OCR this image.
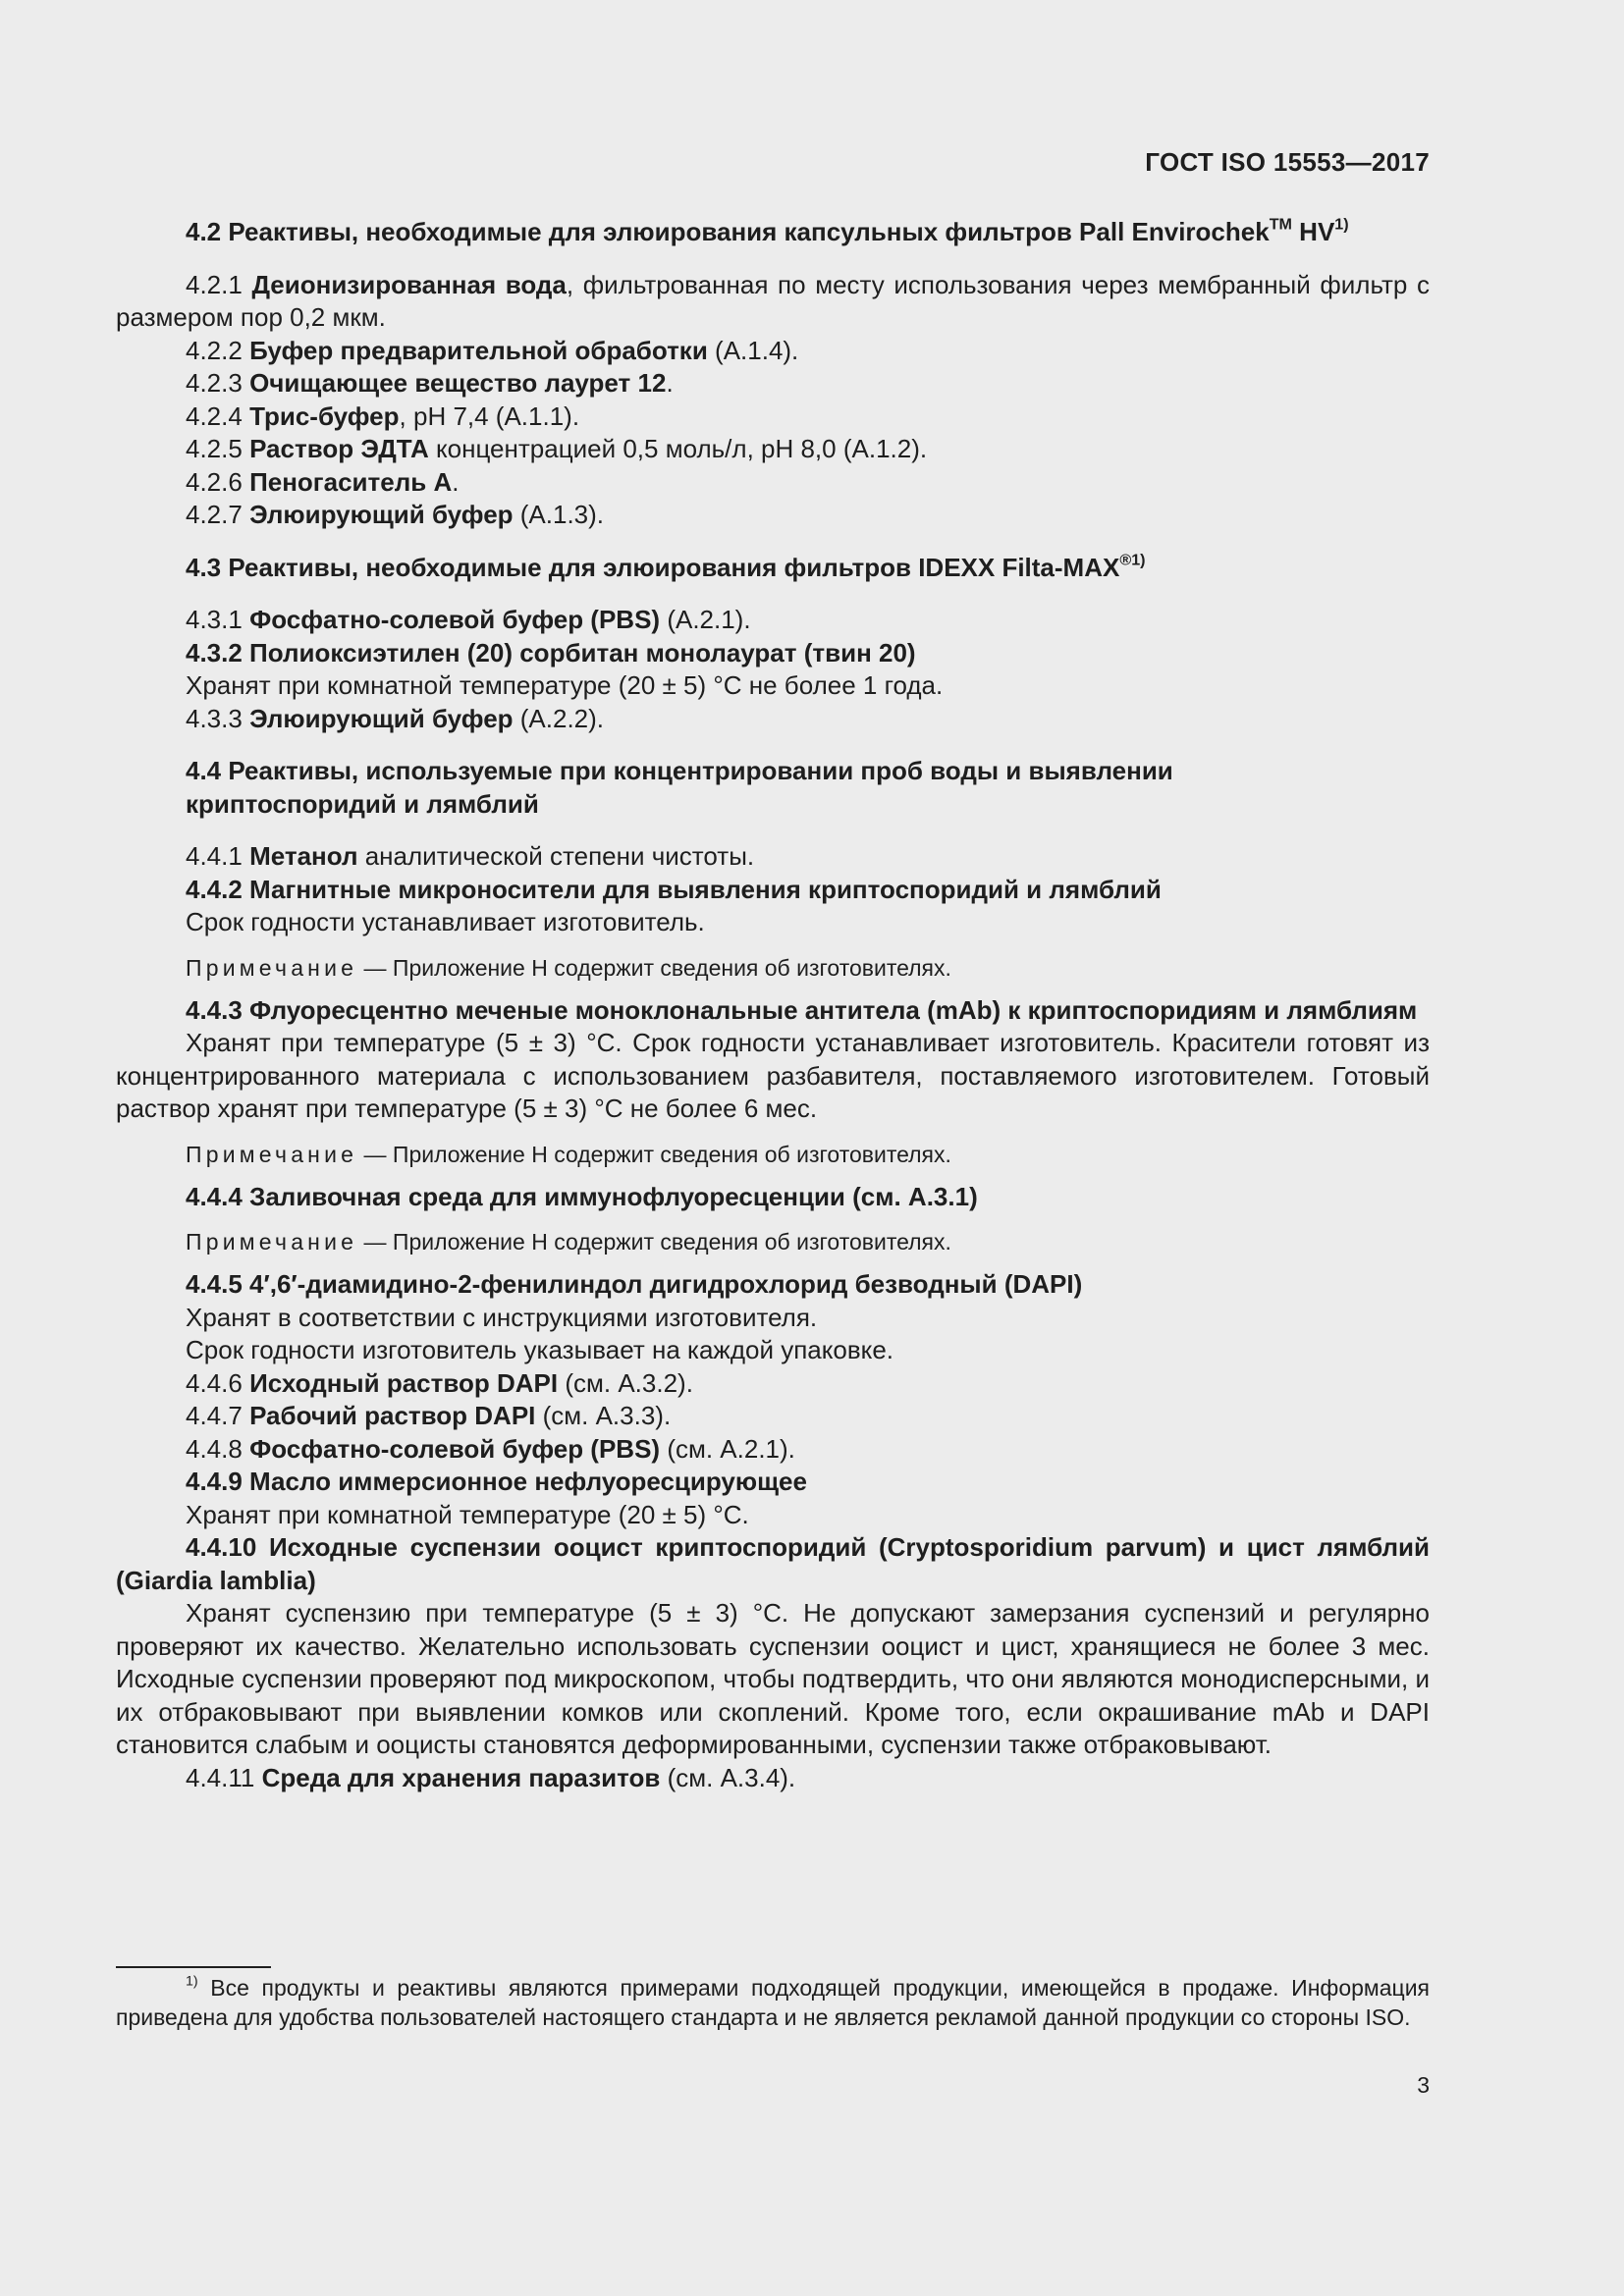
ГОСТ ISO 15553—2017

4.2 Реактивы, необходимые для элюирования капсульных фильтров Pall Envirochek™ HV$^{1)}$

4.2.1 Деионизированная вода, фильтрованная по месту использования через мембранный фильтр с размером пор 0,2 мкм.

4.2.2 Буфер предварительной обработки (А.1.4).

4.2.3 Очищающее вещество лаурет 12.

4.2.4 Трис-буфер, pH 7,4 (А.1.1).

4.2.5 Раствор ЭДТА концентрацией 0,5 моль/л, pH 8,0 (А.1.2).

4.2.6 Пеногаситель А.

4.2.7 Элюирующий буфер (А.1.3).

4.3 Реактивы, необходимые для элюирования фильтров IDEXX Filta-$MAX^{®1)}$

4.3.1 Фосфатно-солевой буфер (PBS) (А.2.1).

4.3.2 Полиоксиэтилен (20) сорбитан монолаурат (твин 20)

Хранят при комнатной температуре (20 ± 5) °С не более 1 года.

4.3.3 Элюирующий буфер (А.2.2).

4.4 Реактивы, используемые при концентрировании проб воды и выявлении

криптоспоридий и лямблий

4.4.1 Метанол аналитической степени чистоты.

4.4.2 Магнитные микроносители для выявления криптоспоридий и лямблий

Срок годности устанавливает изготовитель.

Примечание — Приложение Н содержит сведения об изготовителях.

4.4.3 Флуоресцентно меченые моноклональные антитела (mAb) к криптоспоридиям и лямблиям

Хранят при температуре (5 ± 3) °С. Срок годности устанавливает изготовитель. Красители готовят из концентрированного материала с использованием разбавителя, поставляемого изготовителем. Готовый раствор хранят при температуре (5 ± 3) °С не более 6 мес.

Примечание — Приложение Н содержит сведения об изготовителях.

4.4.4 Заливочная среда для иммунофлуоресценции (см. А.3.1)

Примечание — Приложение Н содержит сведения об изготовителях.

4.4.5 4′,6′-диамидино-2-фенилиндол дигидрохлорид безводный (DAPI)

Хранят в соответствии с инструкциями изготовителя.

Срок годности изготовитель указывает на каждой упаковке.

4.4.6 Исходный раствор DAPI (см. А.3.2).

4.4.7 Рабочий раствор DAPI (см. А.3.3).

4.4.8 Фосфатно-солевой буфер (PBS) (см. А.2.1).

4.4.9 Масло иммерсионное нефлуоресцирующее

Хранят при комнатной температуре (20 ± 5) °С.

4.4.10 Исходные суспензии ооцист криптоспоридий (Cryptosporidium parvum) и цист лямблий (Giardia lamblia)

Хранят суспензию при температуре (5 ± 3) °С. Не допускают замерзания суспензий и регулярно проверяют их качество. Желательно использовать суспензии ооцист и цист, хранящиеся не более 3 мес. Исходные суспензии проверяют под микроскопом, чтобы подтвердить, что они являются монодисперсными, и их отбраковывают при выявлении комков или скоплений. Кроме того, если окрашивание mAb и DAPI становится слабым и ооцисты становятся деформированными, суспензии также отбраковывают.

4.4.11 Среда для хранения паразитов (см. А.3.4).

$^{1)}$ Все продукты и реактивы являются примерами подходящей продукции, имеющейся в продаже. Информация приведена для удобства пользователей настоящего стандарта и не является рекламой данной продукции со стороны ISO.

3
